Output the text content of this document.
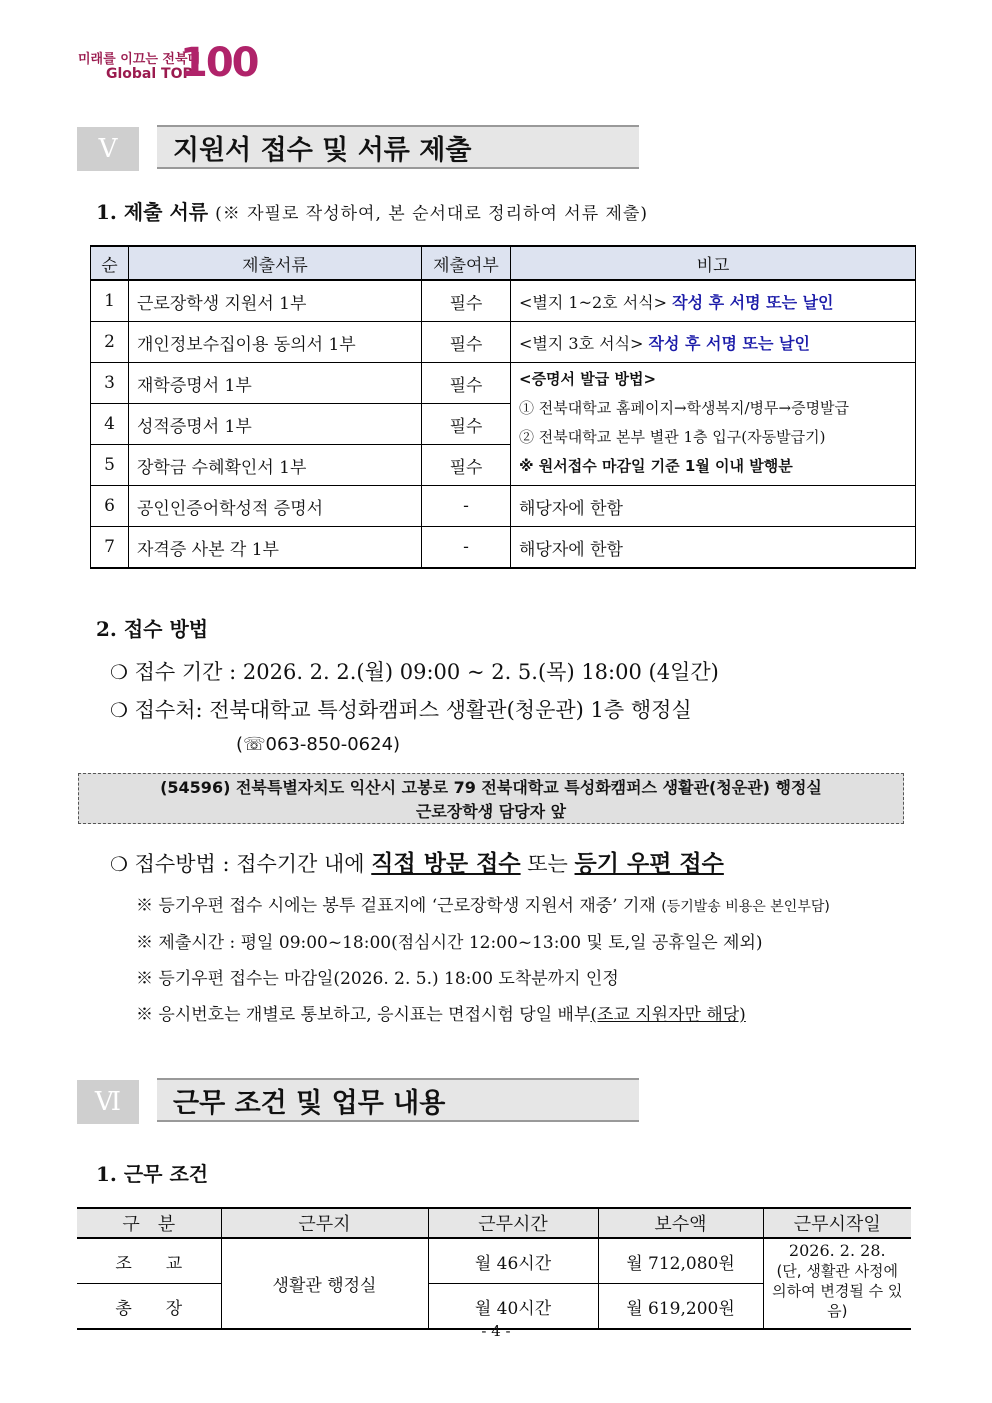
미래를 이끄는 전북대
Global TOP
100
Ⅴ	지원서 접수 및 서류 제출
1. 제출 서류 (※ 자필로 작성하여, 본 순서대로 정리하여 서류 제출)
순	제출서류	제출여부	비고
1	근로장학생 지원서 1부	필수	<별지 1~2호 서식> 작성 후 서명 또는 날인
2	개인정보수집이용 동의서 1부	필수	<별지 3호 서식> 작성 후 서명 또는 날인
3	재학증명서 1부	필수	<증명서 발급 방법>
① 전북대학교 홈페이지→학생복지/병무→증명발급
② 전북대학교 본부 별관 1층 입구(자동발급기)
※ 원서접수 마감일 기준 1월 이내 발행분

4	성적증명서 1부	필수	
5	장학금 수혜확인서 1부	필수	
6	공인인증어학성적 증명서	-	해당자에 한함
7	자격증 사본 각 1부	-	해당자에 한함
2. 접수 방법
❍ 접수 기간 : 2026. 2. 2.(월) 09:00 ~ 2. 5.(목) 18:00 (4일간)
❍ 접수처: 전북대학교 특성화캠퍼스 생활관(청운관) 1층 행정실
(☏063-850-0624)
(54596) 전북특별자치도 익산시 고봉로 79 전북대학교 특성화캠퍼스 생활관(청운관) 행정실
근로장학생 담당자 앞
❍ 접수방법 : 접수기간 내에 직접 방문 접수 또는 등기 우편 접수
※ 등기우편 접수 시에는 봉투 겉표지에 ‘근로장학생 지원서 재중’ 기재 (등기발송 비용은 본인부담)
※ 제출시간 : 평일 09:00~18:00(점심시간 12:00~13:00 및 토,일 공휴일은 제외)
※ 등기우편 접수는 마감일(2026. 2. 5.) 18:00 도착분까지 인정
※ 응시번호는 개별로 통보하고, 응시표는 면접시험 당일 배부(조교 지원자만 해당)
Ⅵ	근무 조건 및 업무 내용
1. 근무 조건
구　분	근무지	근무시간	보수액	근무시작일
조　　교	생활관 행정실	월 46시간	월 712,080원	2026. 2. 28.
(단, 생활관 사정에 의하여 변경될 수 있음)

총　　장		월 40시간	월 619,200원	
- 4 -
